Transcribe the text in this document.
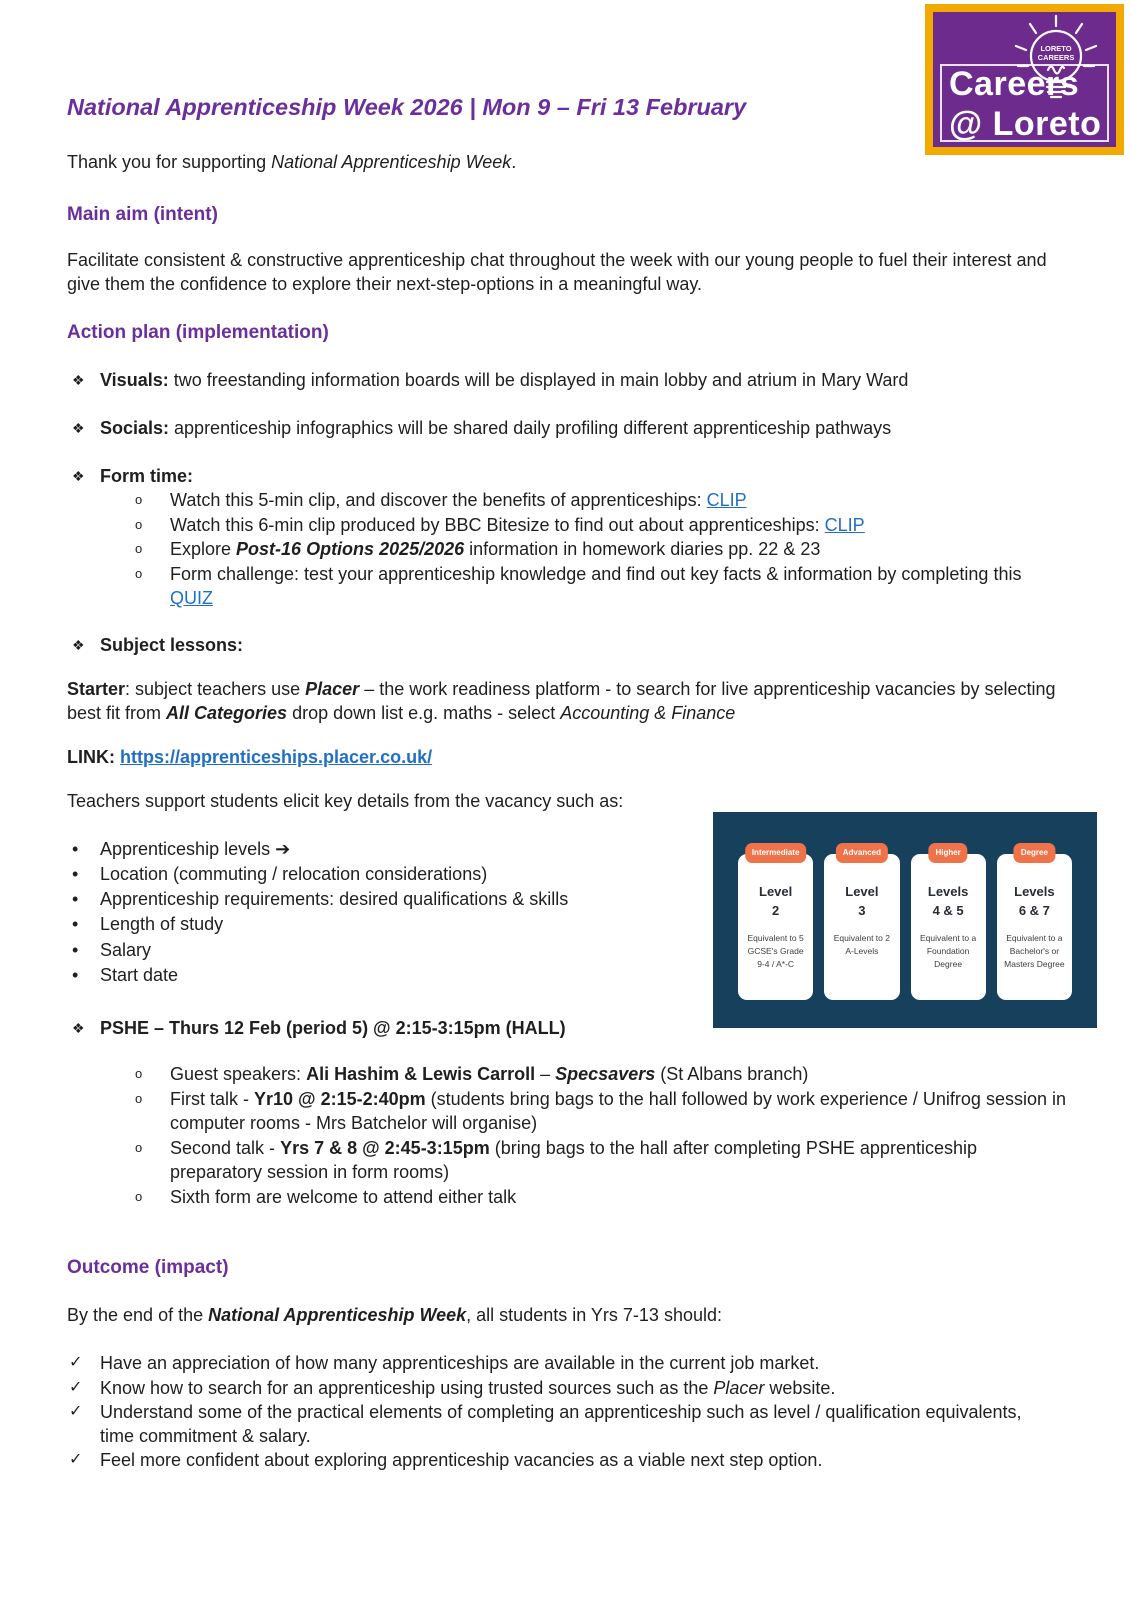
LORETO
CAREERS
Careers
@ Loreto
National Apprenticeship Week 2026 | Mon 9 – Fri 13 February

Thank you for supporting National Apprenticeship Week.

Main aim (intent)

Facilitate consistent & constructive apprenticeship chat throughout the week with our young people to fuel their interest and give them the confidence to explore their next-step-options in a meaningful way.

Action plan (implementation)
❖ Visuals: two freestanding information boards will be displayed in main lobby and atrium in Mary Ward
❖ Socials: apprenticeship infographics will be shared daily profiling different apprenticeship pathways
❖ Form time:
o	Watch this 5-min clip, and discover the benefits of apprenticeships: CLIP
o	Watch this 6-min clip produced by BBC Bitesize to find out about apprenticeships: CLIP
o	Explore Post-16 Options 2025/2026 information in homework diaries pp. 22 & 23
o	Form challenge: test your apprenticeship knowledge and find out key facts & information by completing this QUIZ
❖ Subject lessons:

Starter: subject teachers use Placer – the work readiness platform - to search for live apprenticeship vacancies by selecting best fit from All Categories drop down list e.g. maths - select Accounting & Finance

LINK: https://apprenticeships.placer.co.uk/

Teachers support students elicit key details from the vacancy such as:

•	Apprenticeship levels ➔
•	Location (commuting / relocation considerations)
•	Apprenticeship requirements: desired qualifications & skills
•	Length of study
•	Salary
•	Start date
❖ PSHE – Thurs 12 Feb (period 5) @ 2:15-3:15pm (HALL)
o	Guest speakers: Ali Hashim & Lewis Carroll – Specsavers (St Albans branch)
o	First talk - Yr10 @ 2:15-2:40pm (students bring bags to the hall followed by work experience / Unifrog session in computer rooms - Mrs Batchelor will organise)
o	Second talk - Yrs 7 & 8 @ 2:45-3:15pm (bring bags to the hall after completing PSHE apprenticeship preparatory session in form rooms)
o	Sixth form are welcome to attend either talk
Outcome (impact)

By the end of the National Apprenticeship Week, all students in Yrs 7-13 should:

✓ Have an appreciation of how many apprenticeships are available in the current job market.
✓ Know how to search for an apprenticeship using trusted sources such as the Placer website.
✓ Understand some of the practical elements of completing an apprenticeship such as level / qualification equivalents, time commitment & salary.
✓ Feel more confident about exploring apprenticeship vacancies as a viable next step option.
Intermediate
Level
2
Equivalent to 5 GCSE's Grade 9-4 / A*-C
Advanced
Level
3
Equivalent to 2 A-Levels
Higher
Levels
4 & 5
Equivalent to a Foundation Degree
Degree
Levels
6 & 7
Equivalent to a Bachelor's or Masters Degree
